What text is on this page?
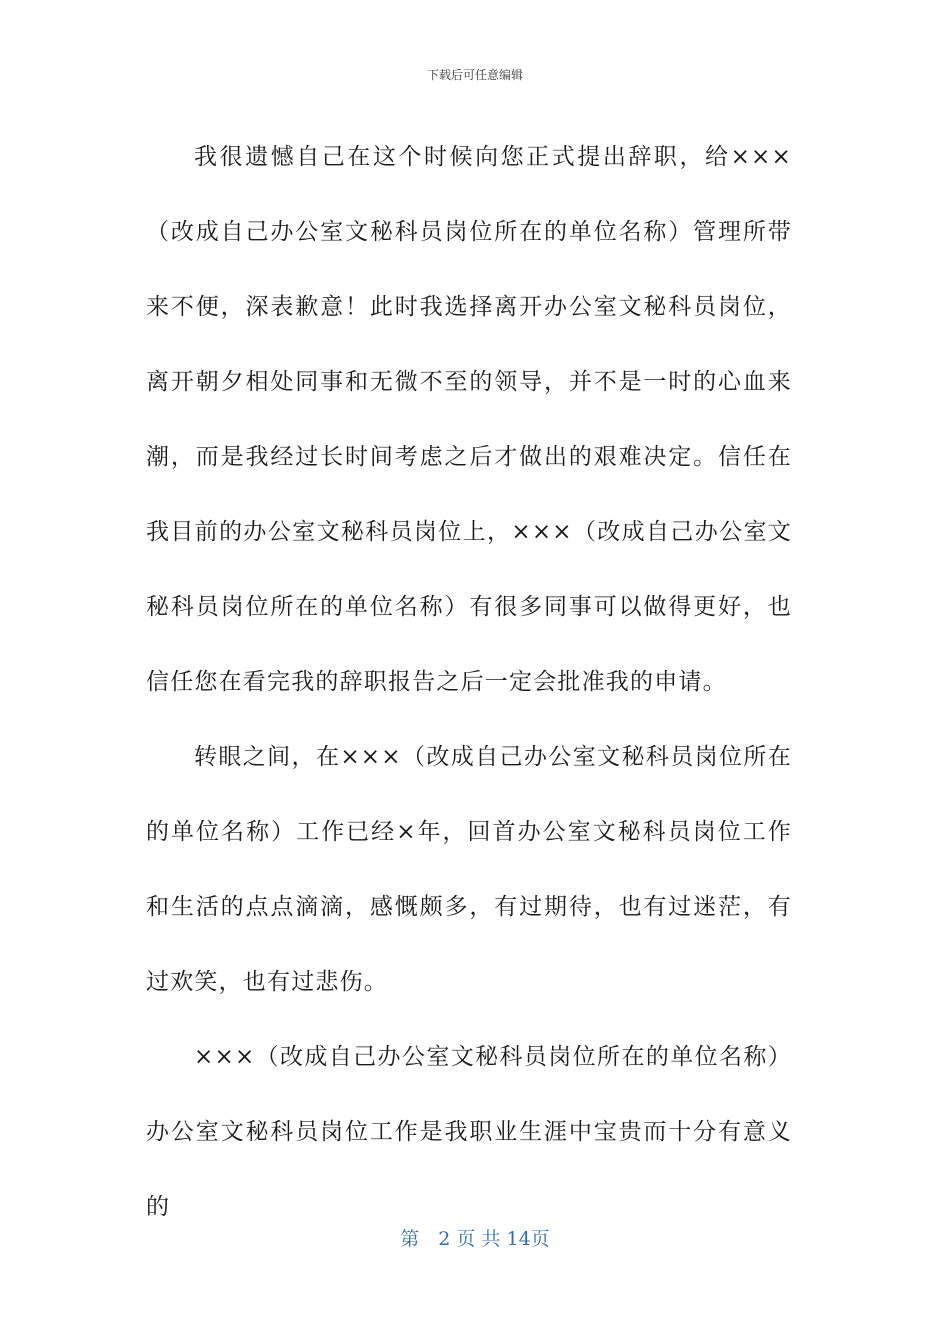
下载后可任意编辑

我很遗憾自己在这个时候向您正式提出辞职，给×××（改成自己办公室文秘科员岗位所在的单位名称）管理所带来不便，深表歉意！此时我选择离开办公室文秘科员岗位，离开朝夕相处同事和无微不至的领导，并不是一时的心血来潮，而是我经过长时间考虑之后才做出的艰难决定。信任在我目前的办公室文秘科员岗位上，×××（改成自己办公室文秘科员岗位所在的单位名称）有很多同事可以做得更好，也信任您在看完我的辞职报告之后一定会批准我的申请。

转眼之间，在×××（改成自己办公室文秘科员岗位所在的单位名称）工作已经×年，回首办公室文秘科员岗位工作和生活的点点滴滴，感慨颇多，有过期待，也有过迷茫，有过欢笑，也有过悲伤。

×××（改成自己办公室文秘科员岗位所在的单位名称）办公室文秘科员岗位工作是我职业生涯中宝贵而十分有意义的

第　2 页 共 14页
